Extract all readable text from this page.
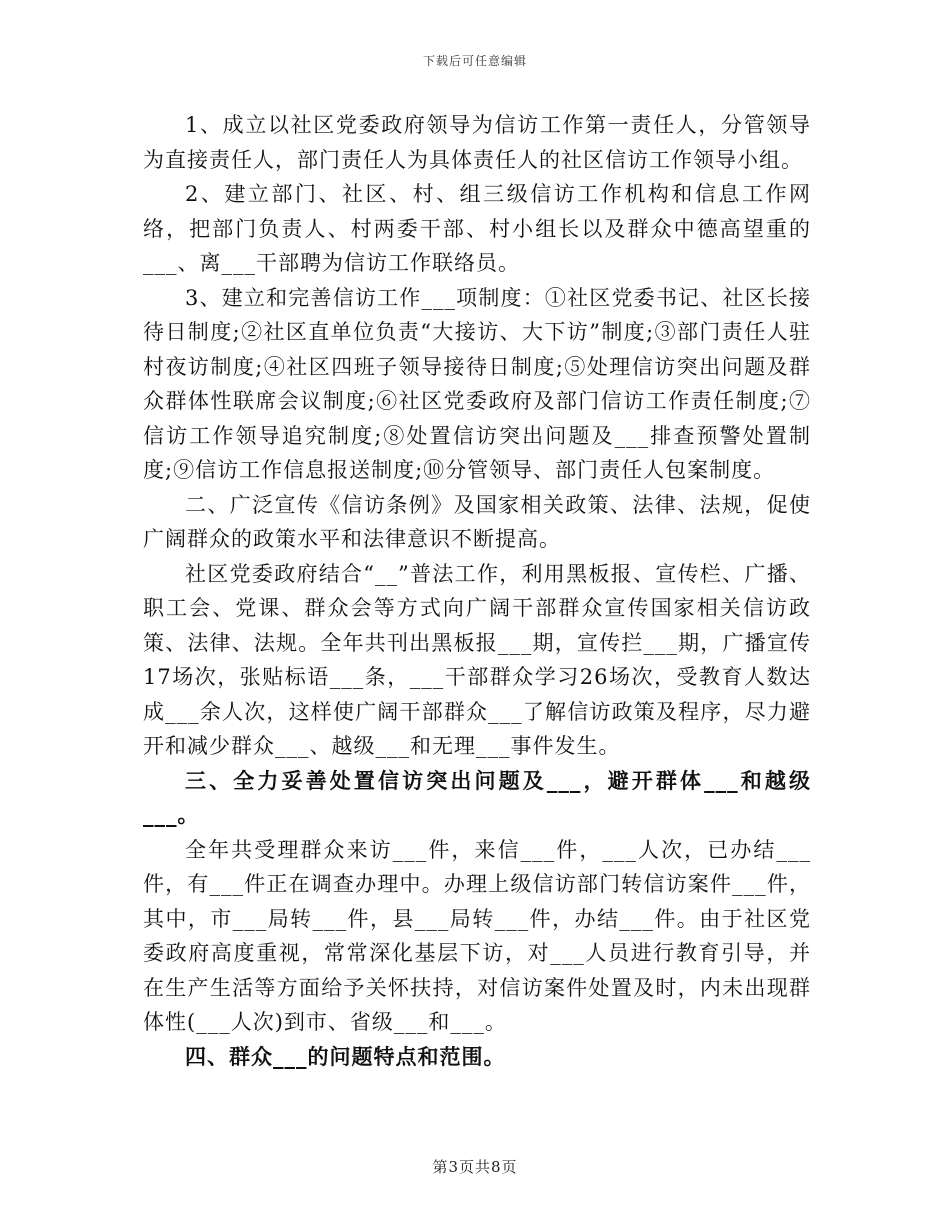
下载后可任意编辑

1、成立以社区党委政府领导为信访工作第一责任人，分管领导为直接责任人，部门责任人为具体责任人的社区信访工作领导小组。

2、建立部门、社区、村、组三级信访工作机构和信息工作网络，把部门负责人、村两委干部、村小组长以及群众中德高望重的___、离___干部聘为信访工作联络员。

3、建立和完善信访工作___项制度：①社区党委书记、社区长接待日制度;②社区直单位负责“大接访、大下访”制度;③部门责任人驻村夜访制度;④社区四班子领导接待日制度;⑤处理信访突出问题及群众群体性联席会议制度;⑥社区党委政府及部门信访工作责任制度;⑦信访工作领导追究制度;⑧处置信访突出问题及___排查预警处置制度;⑨信访工作信息报送制度;⑩分管领导、部门责任人包案制度。

二、广泛宣传《信访条例》及国家相关政策、法律、法规，促使广阔群众的政策水平和法律意识不断提高。

社区党委政府结合“__”普法工作，利用黑板报、宣传栏、广播、职工会、党课、群众会等方式向广阔干部群众宣传国家相关信访政策、法律、法规。全年共刊出黑板报___期，宣传拦___期，广播宣传17场次，张贴标语___条，___干部群众学习26场次，受教育人数达成___余人次，这样使广阔干部群众___了解信访政策及程序，尽力避开和减少群众___、越级___和无理___事件发生。

三、全力妥善处置信访突出问题及___，避开群体___和越级___。

全年共受理群众来访___件，来信___件，___人次，已办结___件，有___件正在调查办理中。办理上级信访部门转信访案件___件，其中，市___局转___件，县___局转___件，办结___件。由于社区党委政府高度重视，常常深化基层下访，对___人员进行教育引导，并在生产生活等方面给予关怀扶持，对信访案件处置及时，内未出现群体性(___人次)到市、省级___和___。

四、群众___的问题特点和范围。

第3页共8页
